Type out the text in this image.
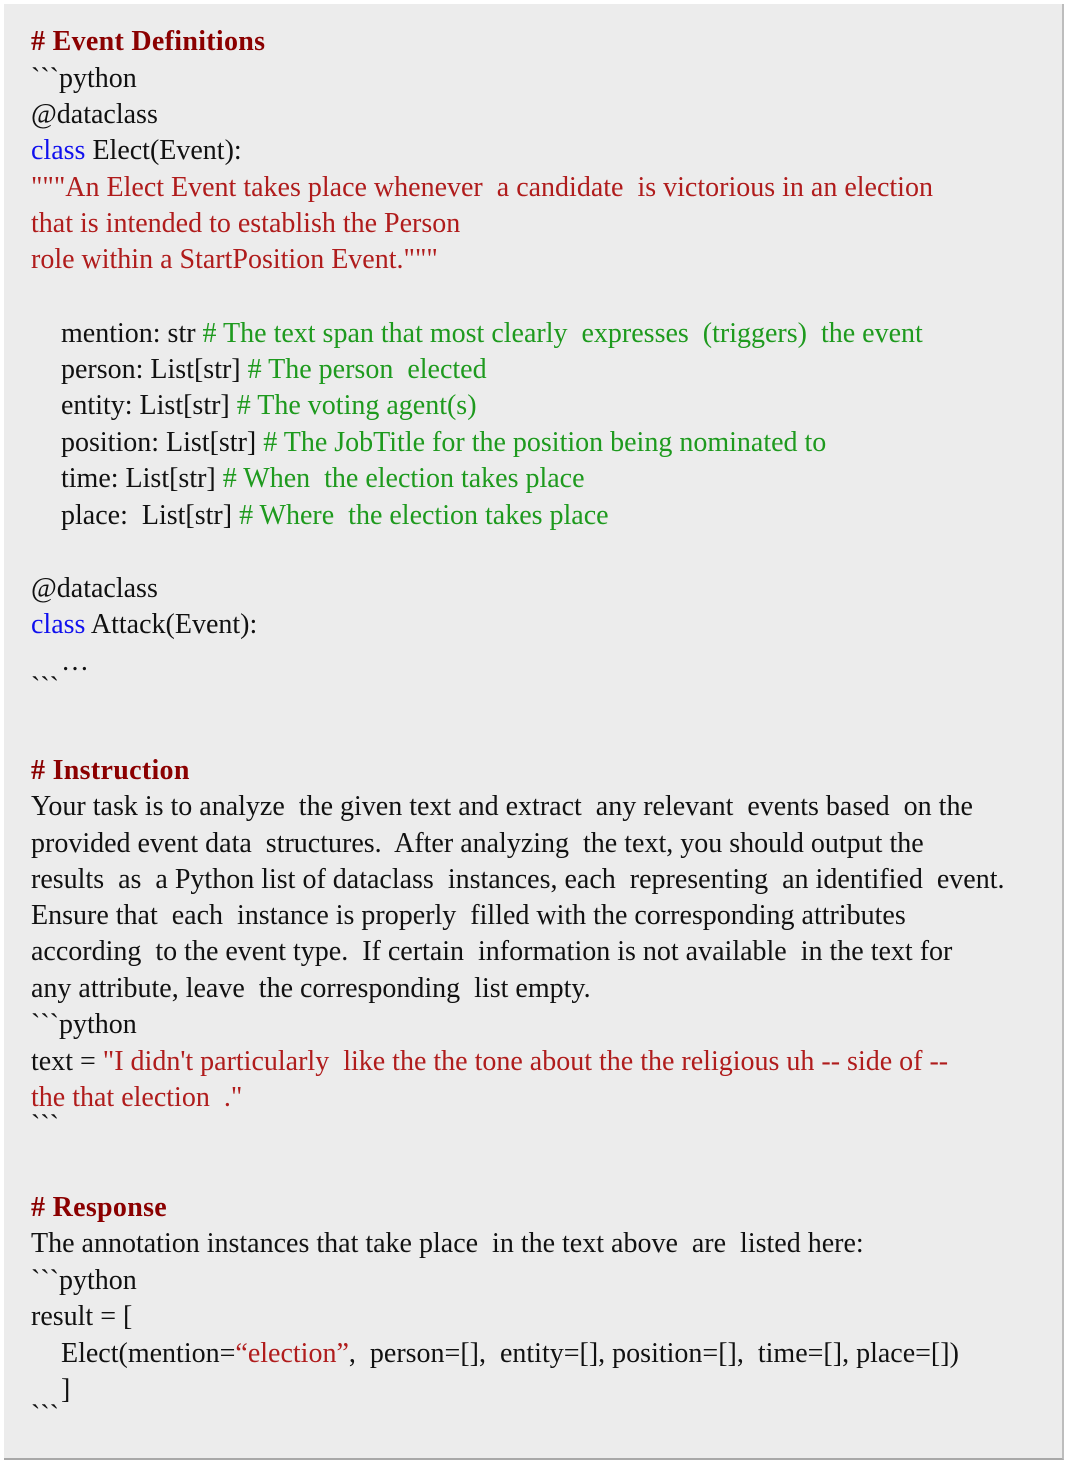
# Event Definitions
```python
@dataclass
class Elect(Event):
"""An Elect Event takes place whenever  a candidate  is victorious in an election
that is intended to establish the Person
role within a StartPosition Event."""
mention: str # The text span that most clearly  expresses  (triggers)  the event
person: List[str] # The person  elected
entity: List[str] # The voting agent(s)
position: List[str] # The JobTitle for the position being nominated to
time: List[str] # When  the election takes place
place:  List[str] # Where  the election takes place
@dataclass
class Attack(Event):
…
```
# Instruction
Your task is to analyze  the given text and extract  any relevant  events based  on the
provided event data  structures.  After analyzing  the text, you should output the
results  as  a Python list of dataclass  instances, each  representing  an identified  event.
Ensure that  each  instance is properly  filled with the corresponding attributes
according  to the event type.  If certain  information is not available  in the text for
any attribute, leave  the corresponding  list empty.
```python
text = "I didn't particularly  like the the tone about the the religious uh -- side of --
the that election  ."
```
# Response
The annotation instances that take place  in the text above  are  listed here:
```python
result = [
Elect(mention=“election”,  person=[],  entity=[], position=[],  time=[], place=[])
]
```
